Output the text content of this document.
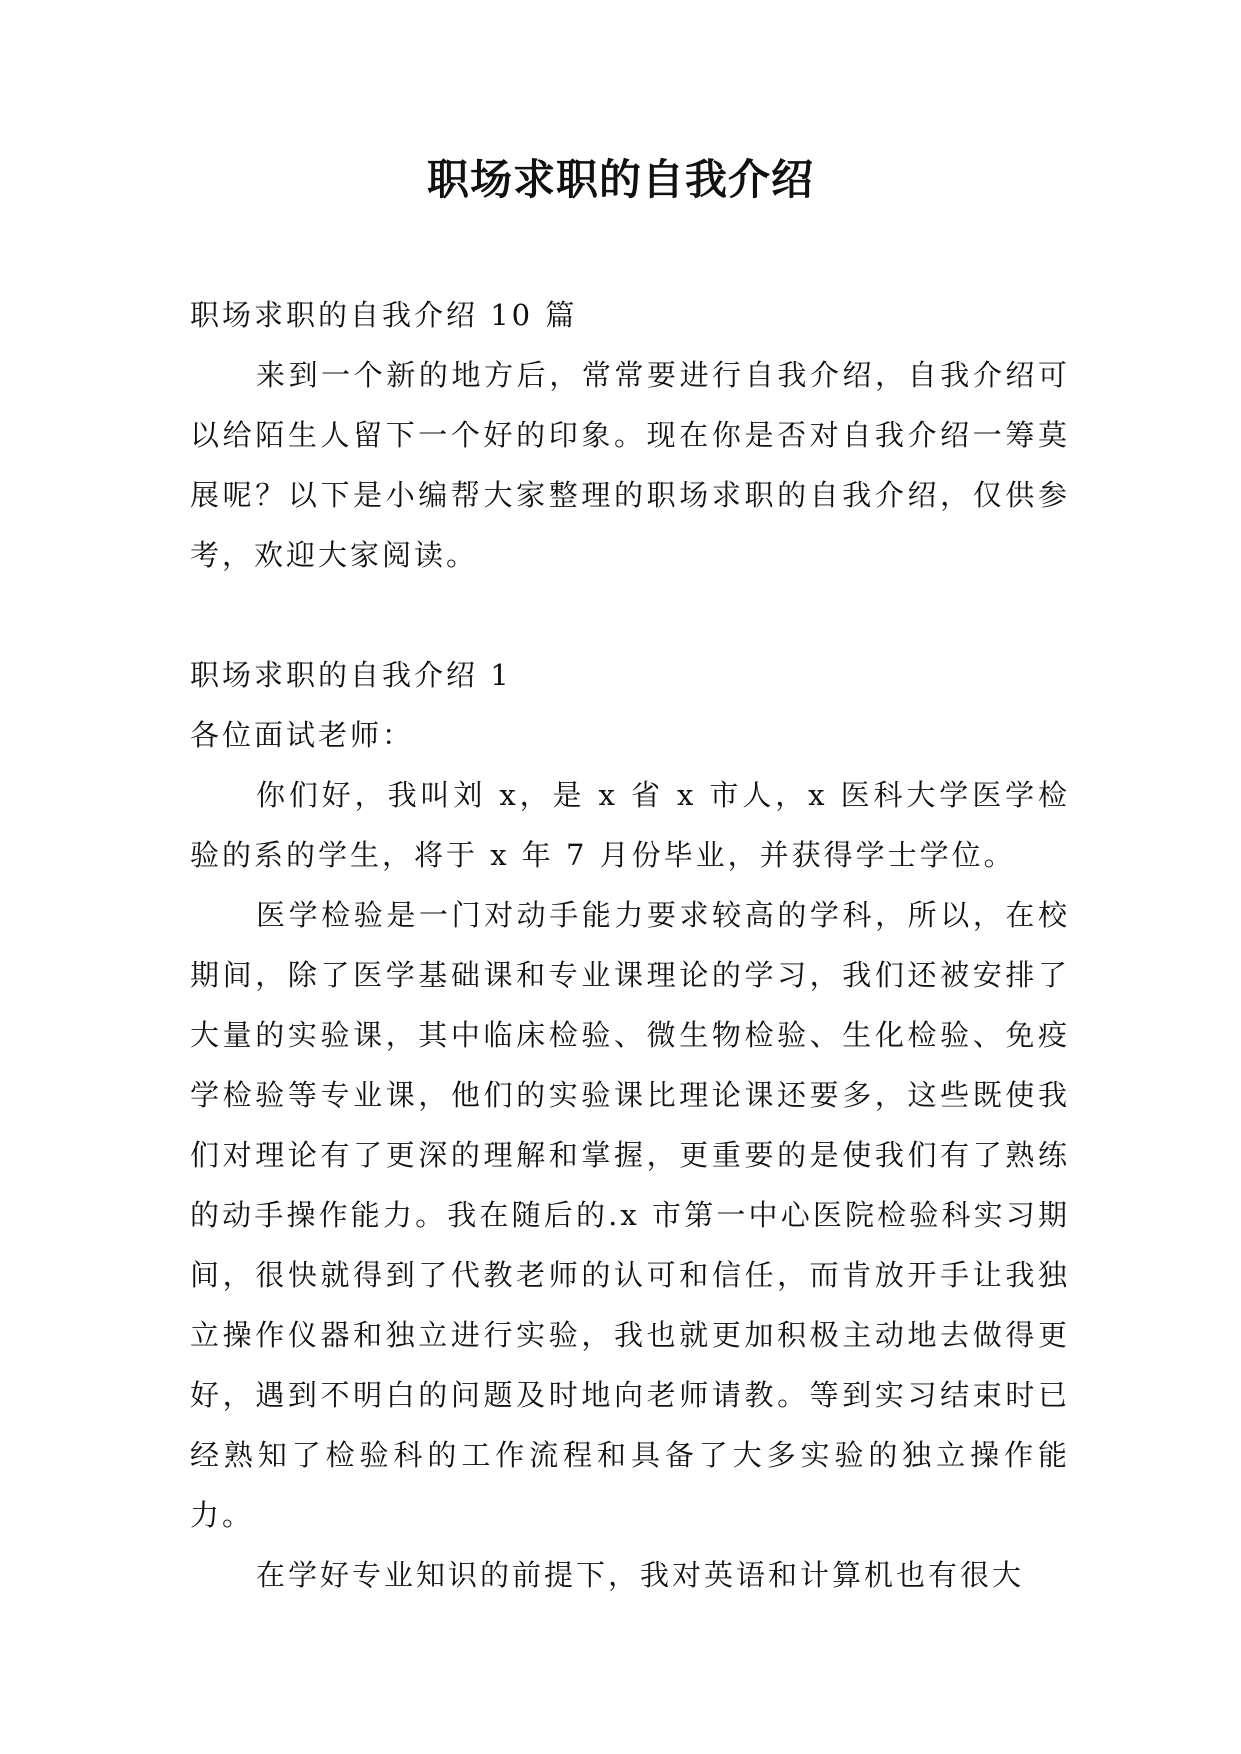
职场求职的自我介绍

职场求职的自我介绍 10 篇

来到一个新的地方后，常常要进行自我介绍，自我介绍可以给陌生人留下一个好的印象。现在你是否对自我介绍一筹莫展呢？以下是小编帮大家整理的职场求职的自我介绍，仅供参考，欢迎大家阅读。

职场求职的自我介绍 1

各位面试老师：

你们好，我叫刘 x，是 x 省 x 市人，x 医科大学医学检验的系的学生，将于 x 年 7 月份毕业，并获得学士学位。

医学检验是一门对动手能力要求较高的学科，所以，在校期间，除了医学基础课和专业课理论的学习，我们还被安排了大量的实验课，其中临床检验、微生物检验、生化检验、免疫学检验等专业课，他们的实验课比理论课还要多，这些既使我们对理论有了更深的理解和掌握，更重要的是使我们有了熟练的动手操作能力。我在随后的.x 市第一中心医院检验科实习期间，很快就得到了代教老师的认可和信任，而肯放开手让我独立操作仪器和独立进行实验，我也就更加积极主动地去做得更好，遇到不明白的问题及时地向老师请教。等到实习结束时已经熟知了检验科的工作流程和具备了大多实验的独立操作能力。

在学好专业知识的前提下，我对英语和计算机也有很大
